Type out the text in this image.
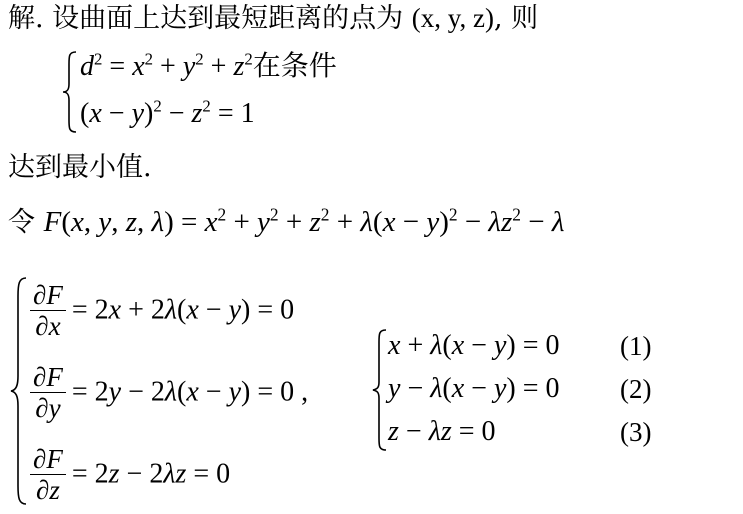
解. 设曲面上达到最短距离的点为 (x, y, z), 则
$d^2 = x^2 + y^2 + z^2$在条件
$(x - y)^2 - z^2 = 1$
达到最小值.
令 F(x, y, z, $\lambda) = x^2 + y^2 + z^2 + \lambda(x - y)^2 - \lambda z^2 - \lambda$
$\frac{\partial F}{\partial x} = 2x + 2\lambda(x - y) = 0$
$\frac{\partial F}{\partial y} = 2y - 2\lambda(x - y) = 0$ ,
$\frac{\partial F}{\partial z} = 2z - 2\lambda z = 0$
x + λ(x − y) = 0
y − λ(x − y) = 0
z − λz = 0
(1)
(2)
(3)
